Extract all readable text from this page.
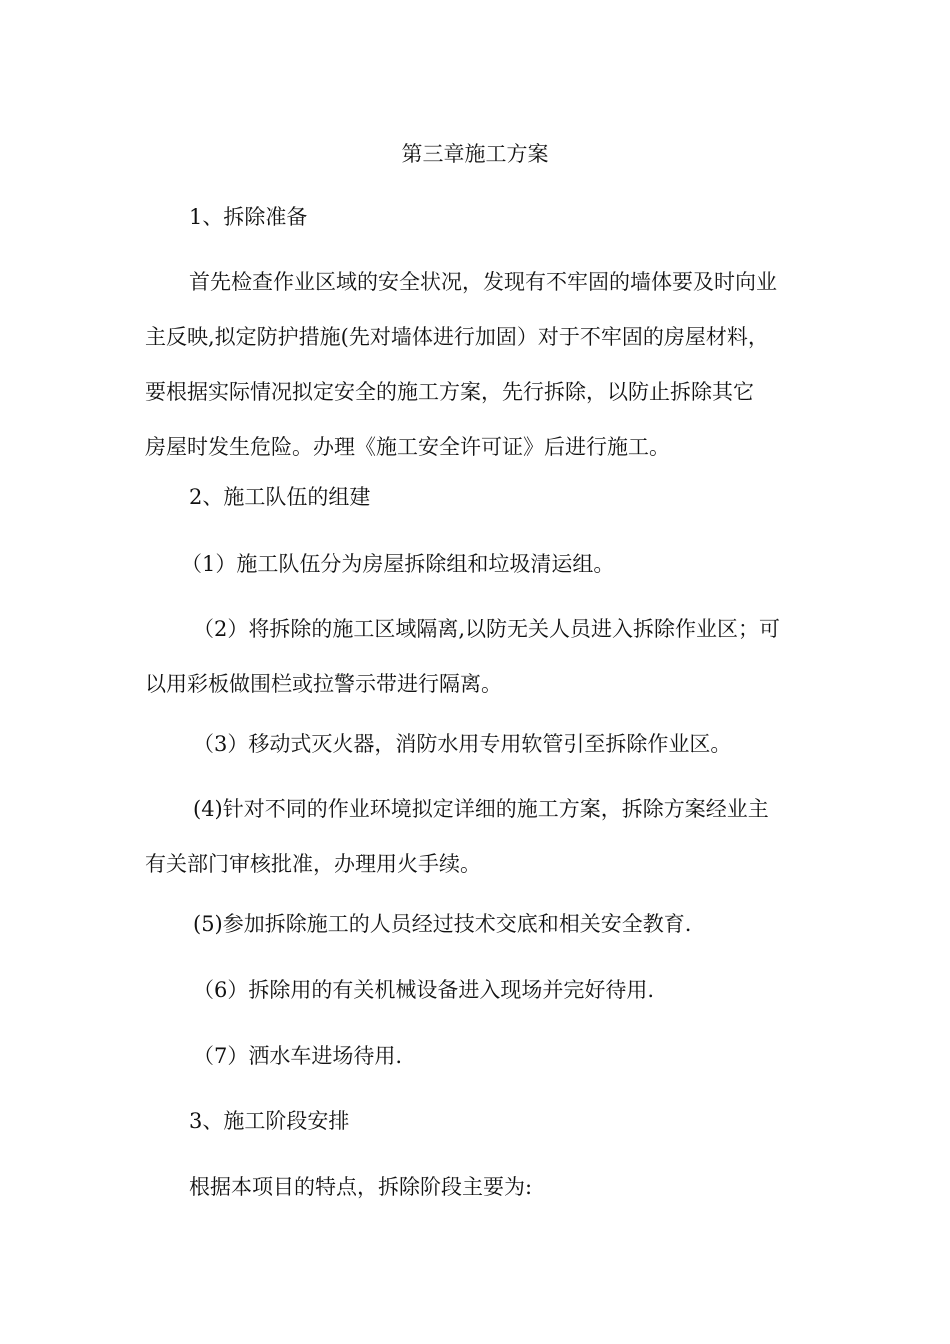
第三章施工方案

1、拆除准备

首先检查作业区域的安全状况，发现有不牢固的墙体要及时向业
主反映,拟定防护措施(先对墙体进行加固）对于不牢固的房屋材料，
要根据实际情况拟定安全的施工方案，先行拆除，以防止拆除其它
房屋时发生危险。办理《施工安全许可证》后进行施工。

2、施工队伍的组建

（1）施工队伍分为房屋拆除组和垃圾清运组。

（2）将拆除的施工区域隔离,以防无关人员进入拆除作业区；可
以用彩板做围栏或拉警示带进行隔离。

（3）移动式灭火器，消防水用专用软管引至拆除作业区。

(4)针对不同的作业环境拟定详细的施工方案，拆除方案经业主
有关部门审核批准，办理用火手续。

(5)参加拆除施工的人员经过技术交底和相关安全教育.

（6）拆除用的有关机械设备进入现场并完好待用.

（7）洒水车进场待用.

3、施工阶段安排

根据本项目的特点，拆除阶段主要为:
